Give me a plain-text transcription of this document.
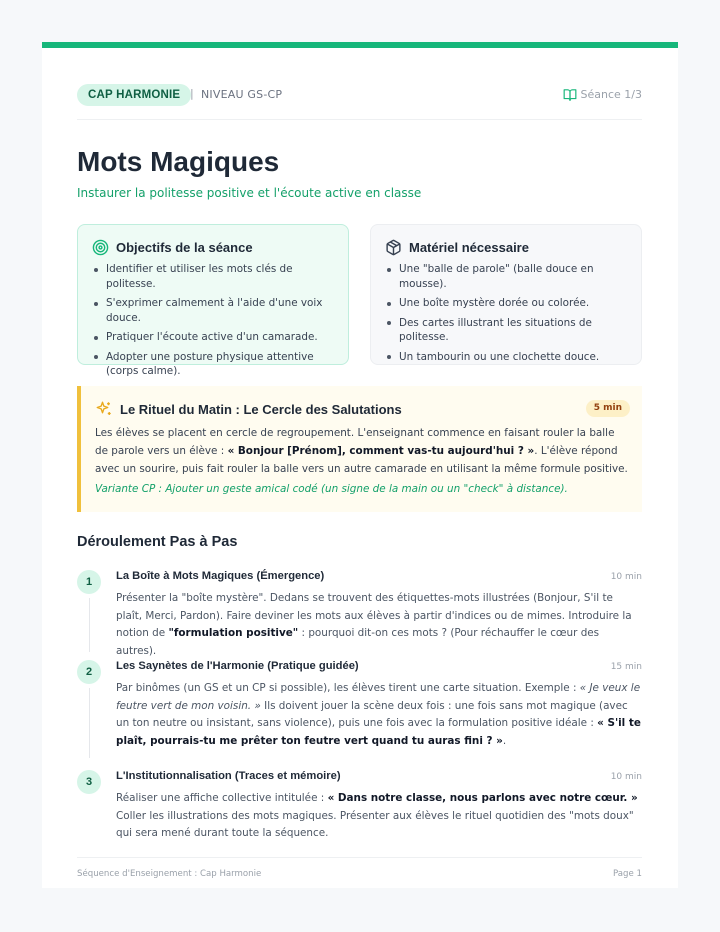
CAP HARMONIE | NIVEAU GS-CP	Séance 1/3
Mots Magiques
Instaurer la politesse positive et l'écoute active en classe
Objectifs de la séance
Identifier et utiliser les mots clés de politesse.
S'exprimer calmement à l'aide d'une voix douce.
Pratiquer l'écoute active d'un camarade.
Adopter une posture physique attentive (corps calme).
Matériel nécessaire
Une "balle de parole" (balle douce en mousse).
Une boîte mystère dorée ou colorée.
Des cartes illustrant les situations de politesse.
Un tambourin ou une clochette douce.
Le Rituel du Matin : Le Cercle des Salutations	5 min

Les élèves se placent en cercle de regroupement. L'enseignant commence en faisant rouler la balle de parole vers un élève : « Bonjour [Prénom], comment vas-tu aujourd'hui ? ». L'élève répond avec un sourire, puis fait rouler la balle vers un autre camarade en utilisant la même formule positive.

Variante CP : Ajouter un geste amical codé (un signe de la main ou un "check" à distance).

Déroulement Pas à Pas
1	La Boîte à Mots Magiques (Émergence)	10 min

Présenter la "boîte mystère". Dedans se trouvent des étiquettes-mots illustrées (Bonjour, S'il te plaît, Merci, Pardon). Faire deviner les mots aux élèves à partir d'indices ou de mimes. Introduire la notion de "formulation positive" : pourquoi dit-on ces mots ? (Pour réchauffer le cœur des autres).

2	Les Saynètes de l'Harmonie (Pratique guidée)	15 min

Par binômes (un GS et un CP si possible), les élèves tirent une carte situation. Exemple : « Je veux le feutre vert de mon voisin. » Ils doivent jouer la scène deux fois : une fois sans mot magique (avec un ton neutre ou insistant, sans violence), puis une fois avec la formulation positive idéale : « S'il te plaît, pourrais-tu me prêter ton feutre vert quand tu auras fini ? ».

3	L'Institutionnalisation (Traces et mémoire)	10 min

Réaliser une affiche collective intitulée : « Dans notre classe, nous parlons avec notre cœur. » Coller les illustrations des mots magiques. Présenter aux élèves le rituel quotidien des "mots doux" qui sera mené durant toute la séquence.

Séquence d'Enseignement : Cap Harmonie	Page 1
